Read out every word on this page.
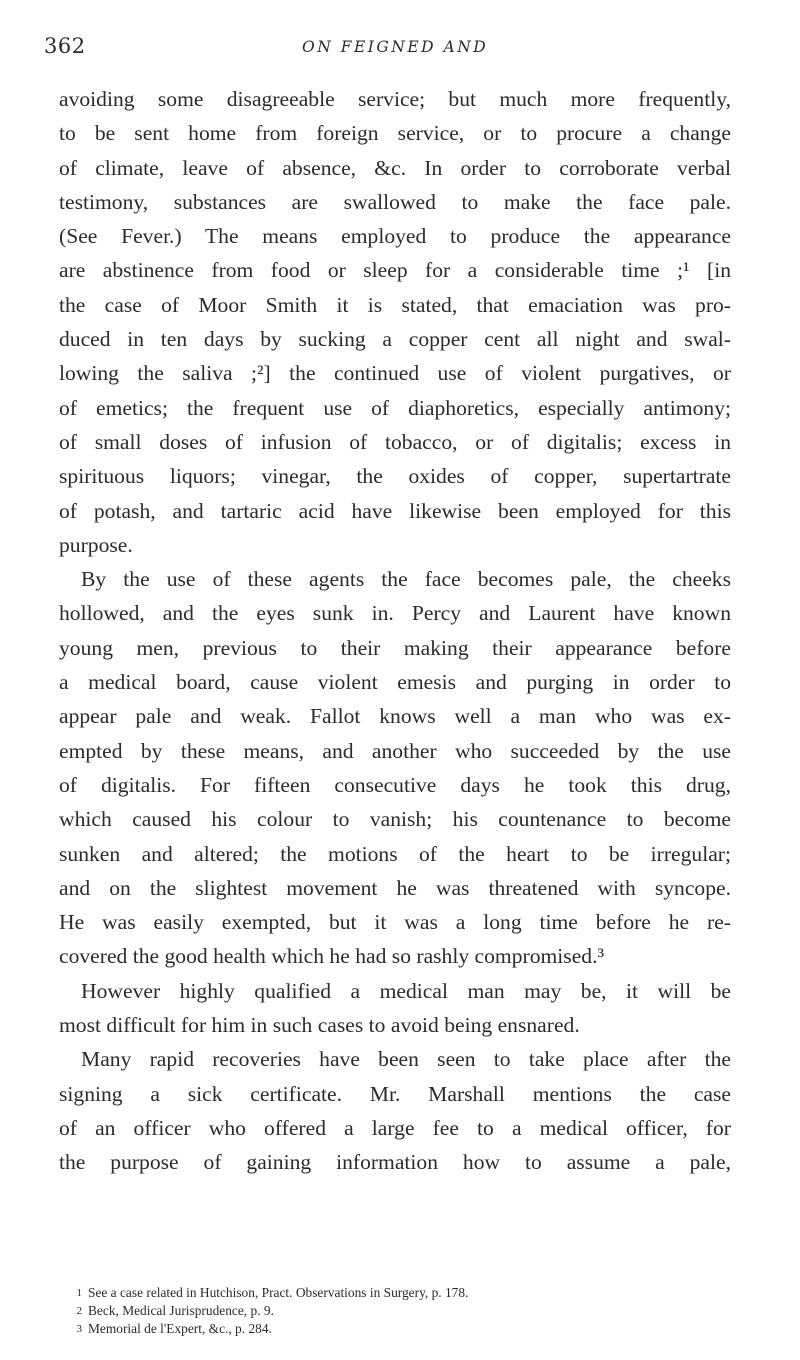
362	ON FEIGNED AND
avoiding some disagreeable service; but much more frequently,
to be sent home from foreign service, or to procure a change
of climate, leave of absence, &c. In order to corroborate verbal
testimony, substances are swallowed to make the face pale.
(See Fever.) The means employed to produce the appearance
are abstinence from food or sleep for a considerable time ;¹ [in
the case of Moor Smith it is stated, that emaciation was pro-
duced in ten days by sucking a copper cent all night and swal-
lowing the saliva ;²] the continued use of violent purgatives, or
of emetics; the frequent use of diaphoretics, especially antimony;
of small doses of infusion of tobacco, or of digitalis; excess in
spirituous liquors; vinegar, the oxides of copper, supertartrate
of potash, and tartaric acid have likewise been employed for this
purpose.
By the use of these agents the face becomes pale, the cheeks
hollowed, and the eyes sunk in. Percy and Laurent have known
young men, previous to their making their appearance before
a medical board, cause violent emesis and purging in order to
appear pale and weak. Fallot knows well a man who was ex-
empted by these means, and another who succeeded by the use
of digitalis. For fifteen consecutive days he took this drug,
which caused his colour to vanish; his countenance to become
sunken and altered; the motions of the heart to be irregular;
and on the slightest movement he was threatened with syncope.
He was easily exempted, but it was a long time before he re-
covered the good health which he had so rashly compromised.³
However highly qualified a medical man may be, it will be
most difficult for him in such cases to avoid being ensnared.
Many rapid recoveries have been seen to take place after the
signing a sick certificate. Mr. Marshall mentions the case
of an officer who offered a large fee to a medical officer, for
the purpose of gaining information how to assume a pale,
1 See a case related in Hutchison, Pract. Observations in Surgery, p. 178.
2 Beck, Medical Jurisprudence, p. 9.
3 Memorial de l'Expert, &c., p. 284.
